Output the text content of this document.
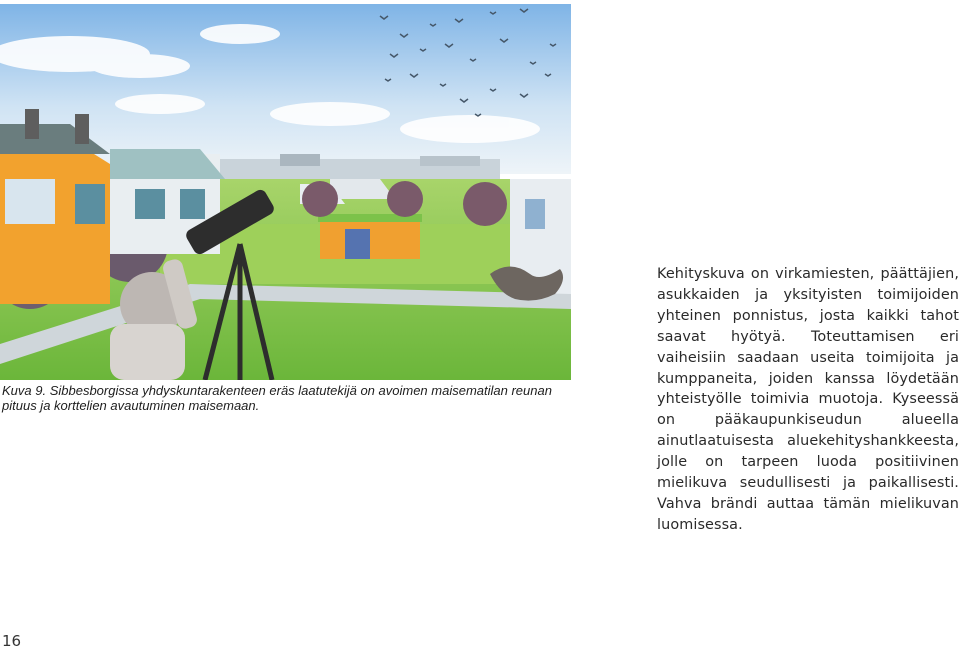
Kuva 9. Sibbesborgissa yhdyskuntarakenteen eräs laatutekijä on avoimen maisematilan reunan pituus ja korttelien avautuminen maisemaan.

Kehityskuva on virkamiesten, päättäjien, asukkaiden ja yksityisten toimijoiden yhteinen ponnistus, josta kaikki tahot saavat hyötyä. Toteuttamisen eri vaiheisiin saadaan useita toimijoita ja kumppaneita, joiden kanssa löydetään yhteistyölle toimivia muotoja. Kyseessä on pääkaupunkiseudun alueella ainutlaatuisesta aluekehityshankkeesta, jolle on tarpeen luoda positiivinen mielikuva seudullisesti ja paikallisesti. Vahva brändi auttaa tämän mielikuvan luomisessa.

16
